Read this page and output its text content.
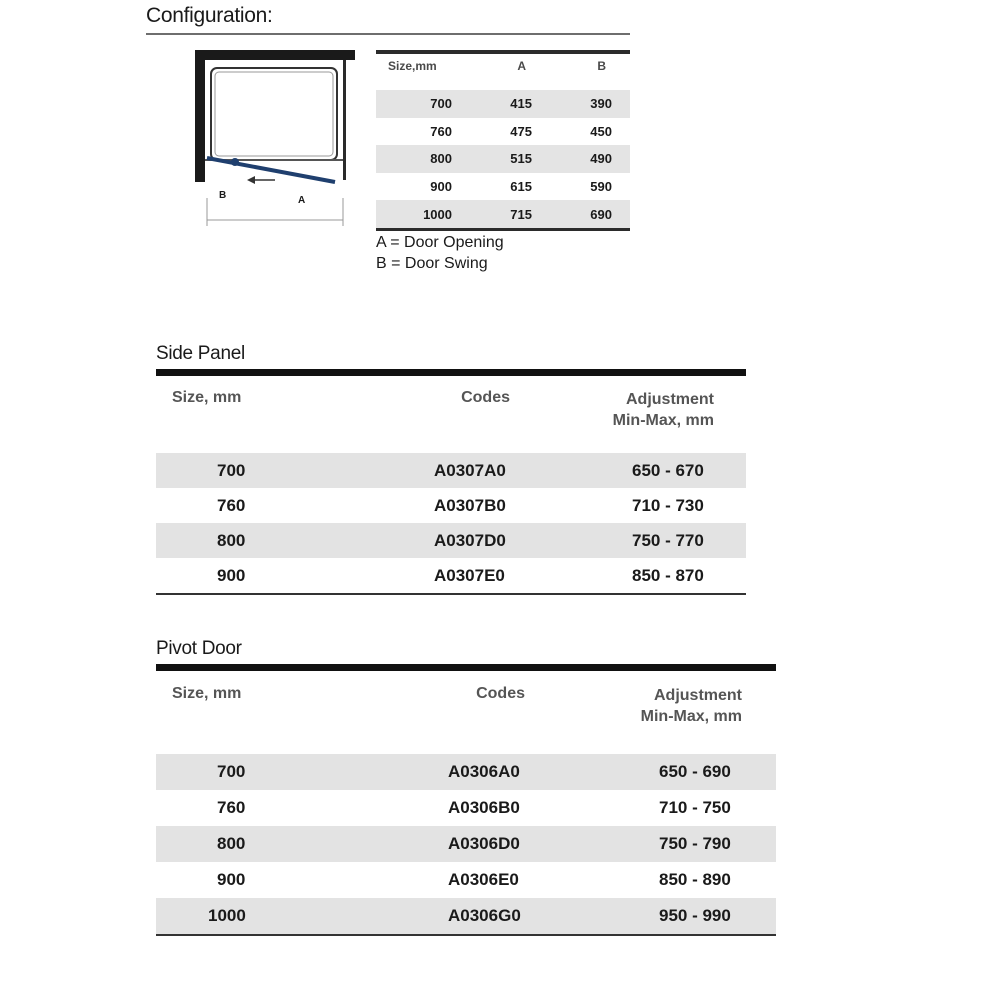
Configuration:
B	A
Size,mm	A	B
700	415	390
760	475	450
800	515	490
900	615	590
1000	715	690
A = Door Opening
B = Door Swing
Side Panel
Size, mm	Codes	Adjustment
Min-Max, mm
700	A0307A0	650 - 670
760	A0307B0	710 - 730
800	A0307D0	750 - 770
900	A0307E0	850 - 870
Pivot Door
Size, mm	Codes	Adjustment
Min-Max, mm
700	A0306A0	650 - 690
760	A0306B0	710 - 750
800	A0306D0	750 - 790
900	A0306E0	850 - 890
1000	A0306G0	950 - 990
